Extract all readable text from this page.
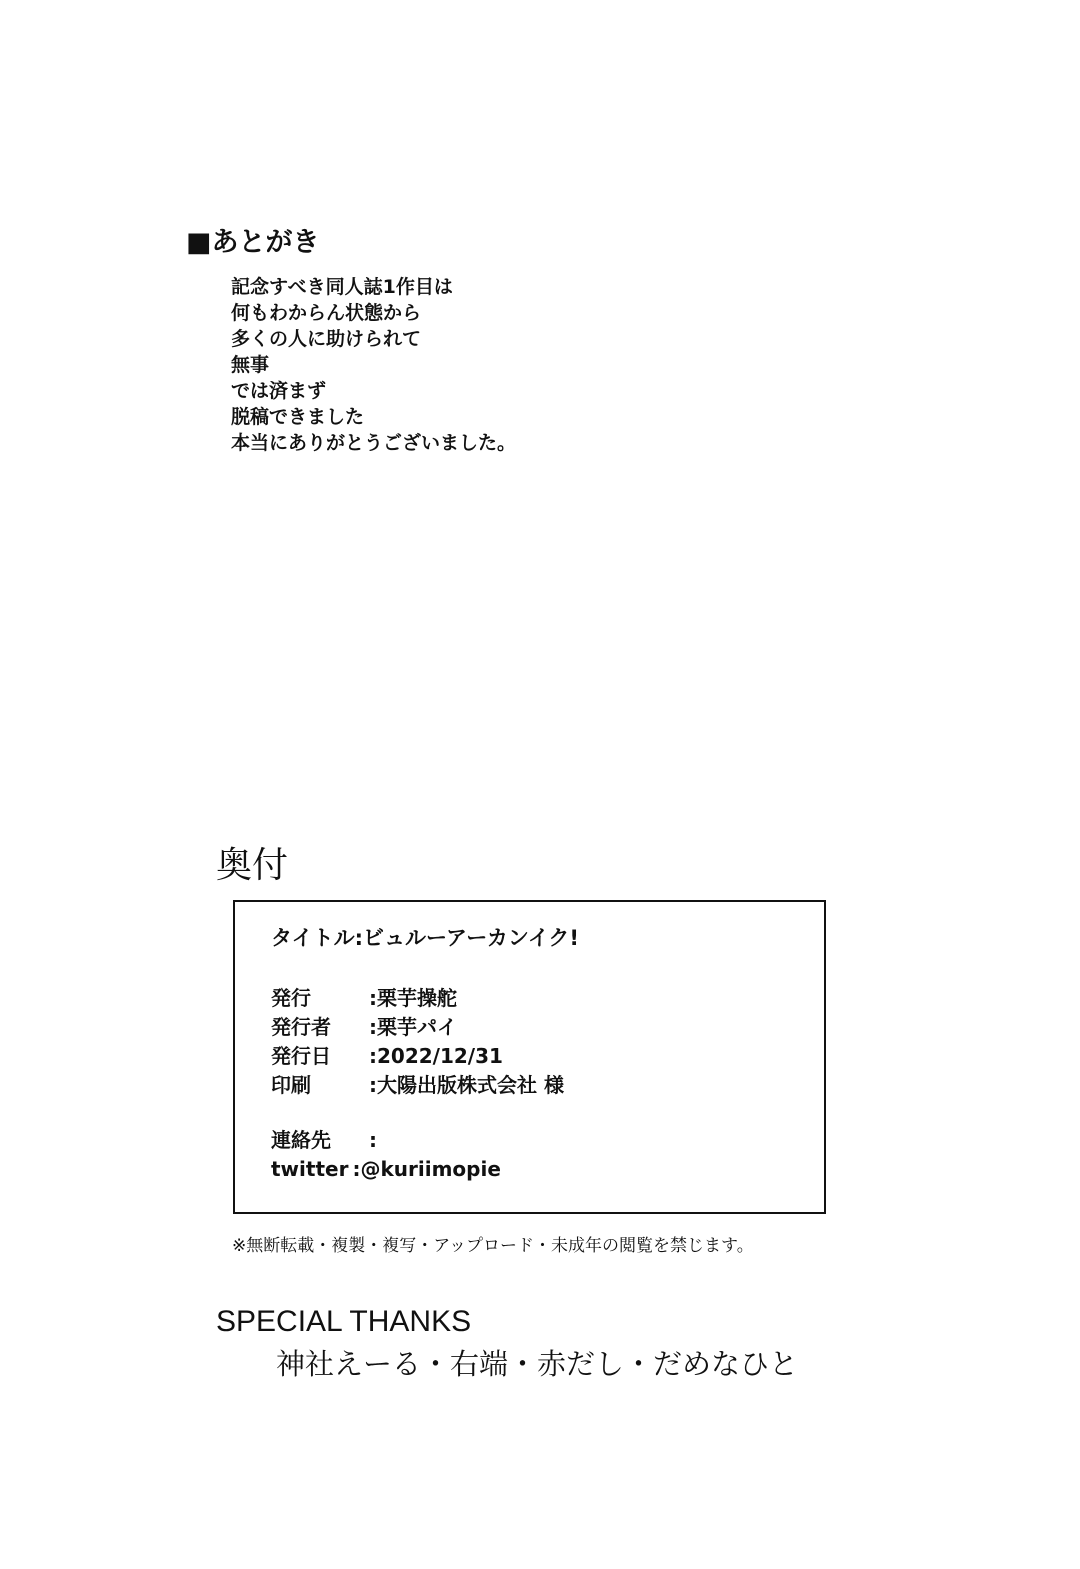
■あとがき
記念すべき同人誌1作目は
何もわからん状態から
多くの人に助けられて
無事
では済まず
脱稿できました
本当にありがとうございました。
奥付
タイトル:ビュルーアーカンイク!
発行	:栗芋操舵
発行者	:栗芋パイ
発行日	:2022/12/31
印刷	:大陽出版株式会社 様
連絡先	:
twitter :@kuriimopie
※無断転載・複製・複写・アップロード・未成年の閲覧を禁じます。
SPECIAL THANKS
神社えーる・右端・赤だし・だめなひと
